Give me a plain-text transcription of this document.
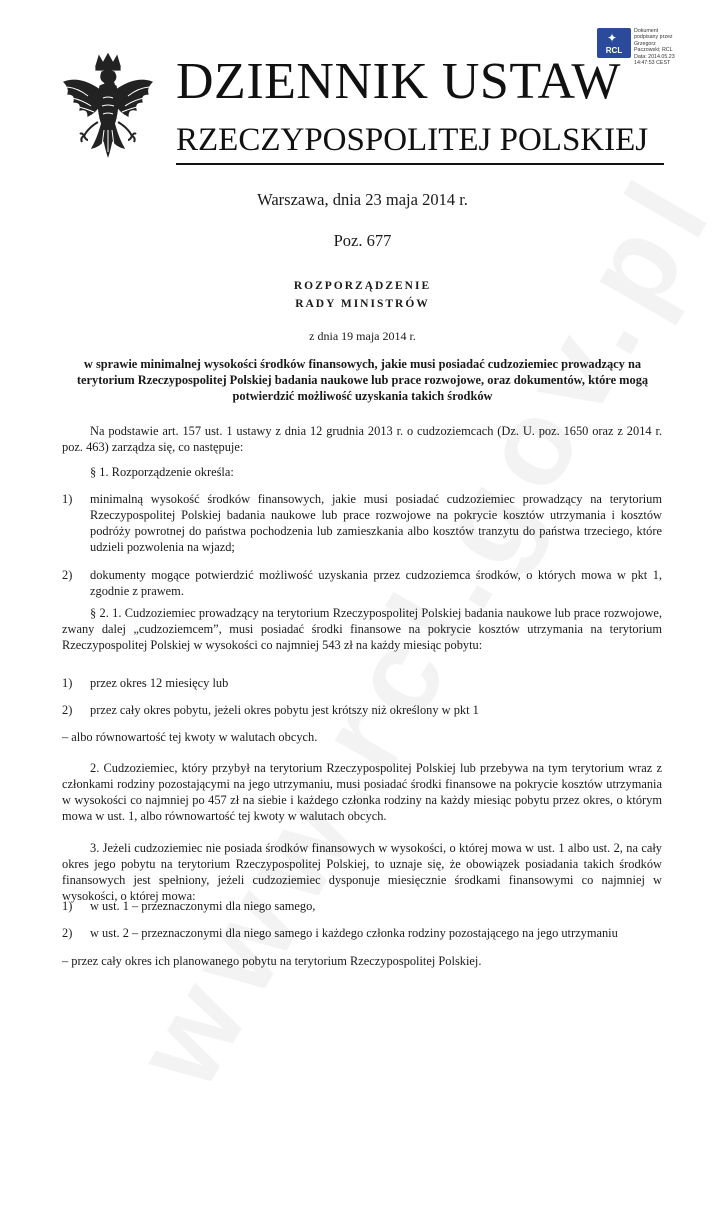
✦
RCL
Dokument
podpisany przez
Grzegorz
Paczowski; RCL
Data: 2014.05.23
14:47:53 CEST
DZIENNIK USTAW
RZECZYPOSPOLITEJ POLSKIEJ
Warszawa, dnia 23 maja 2014 r.
Poz. 677
ROZPORZĄDZENIE
RADY MINISTRÓW
z dnia 19 maja 2014 r.
w sprawie minimalnej wysokości środków finansowych, jakie musi posiadać cudzoziemiec prowadzący na terytorium Rzeczypospolitej Polskiej badania naukowe lub prace rozwojowe, oraz dokumentów, które mogą potwierdzić możliwość uzyskania takich środków
Na podstawie art. 157 ust. 1 ustawy z dnia 12 grudnia 2013 r. o cudzoziemcach (Dz. U. poz. 1650 oraz z 2014 r. poz. 463) zarządza się, co następuje:
§ 1. Rozporządzenie określa:
1) minimalną wysokość środków finansowych, jakie musi posiadać cudzoziemiec prowadzący na terytorium Rzeczypospolitej Polskiej badania naukowe lub prace rozwojowe na pokrycie kosztów utrzymania i kosztów podróży powrotnej do państwa pochodzenia lub zamieszkania albo kosztów tranzytu do państwa trzeciego, które udzieli pozwolenia na wjazd;
2) dokumenty mogące potwierdzić możliwość uzyskania przez cudzoziemca środków, o których mowa w pkt 1, zgodnie z prawem.
§ 2. 1. Cudzoziemiec prowadzący na terytorium Rzeczypospolitej Polskiej badania naukowe lub prace rozwojowe, zwany dalej „cudzoziemcem”, musi posiadać środki finansowe na pokrycie kosztów utrzymania na terytorium Rzeczypospolitej Polskiej w wysokości co najmniej 543 zł na każdy miesiąc pobytu:
1) przez okres 12 miesięcy lub
2) przez cały okres pobytu, jeżeli okres pobytu jest krótszy niż określony w pkt 1
– albo równowartość tej kwoty w walutach obcych.
2. Cudzoziemiec, który przybył na terytorium Rzeczypospolitej Polskiej lub przebywa na tym terytorium wraz z członkami rodziny pozostającymi na jego utrzymaniu, musi posiadać środki finansowe na pokrycie kosztów utrzymania w wysokości co najmniej po 457 zł na siebie i każdego członka rodziny na każdy miesiąc pobytu przez okres, o którym mowa w ust. 1, albo równowartość tej kwoty w walutach obcych.
3. Jeżeli cudzoziemiec nie posiada środków finansowych w wysokości, o której mowa w ust. 1 albo ust. 2, na cały okres jego pobytu na terytorium Rzeczypospolitej Polskiej, to uznaje się, że obowiązek posiadania takich środków finansowych jest spełniony, jeżeli cudzoziemiec dysponuje miesięcznie środkami finansowymi co najmniej w wysokości, o której mowa:
1) w ust. 1 – przeznaczonymi dla niego samego,
2) w ust. 2 – przeznaczonymi dla niego samego i każdego członka rodziny pozostającego na jego utrzymaniu
– przez cały okres ich planowanego pobytu na terytorium Rzeczypospolitej Polskiej.
